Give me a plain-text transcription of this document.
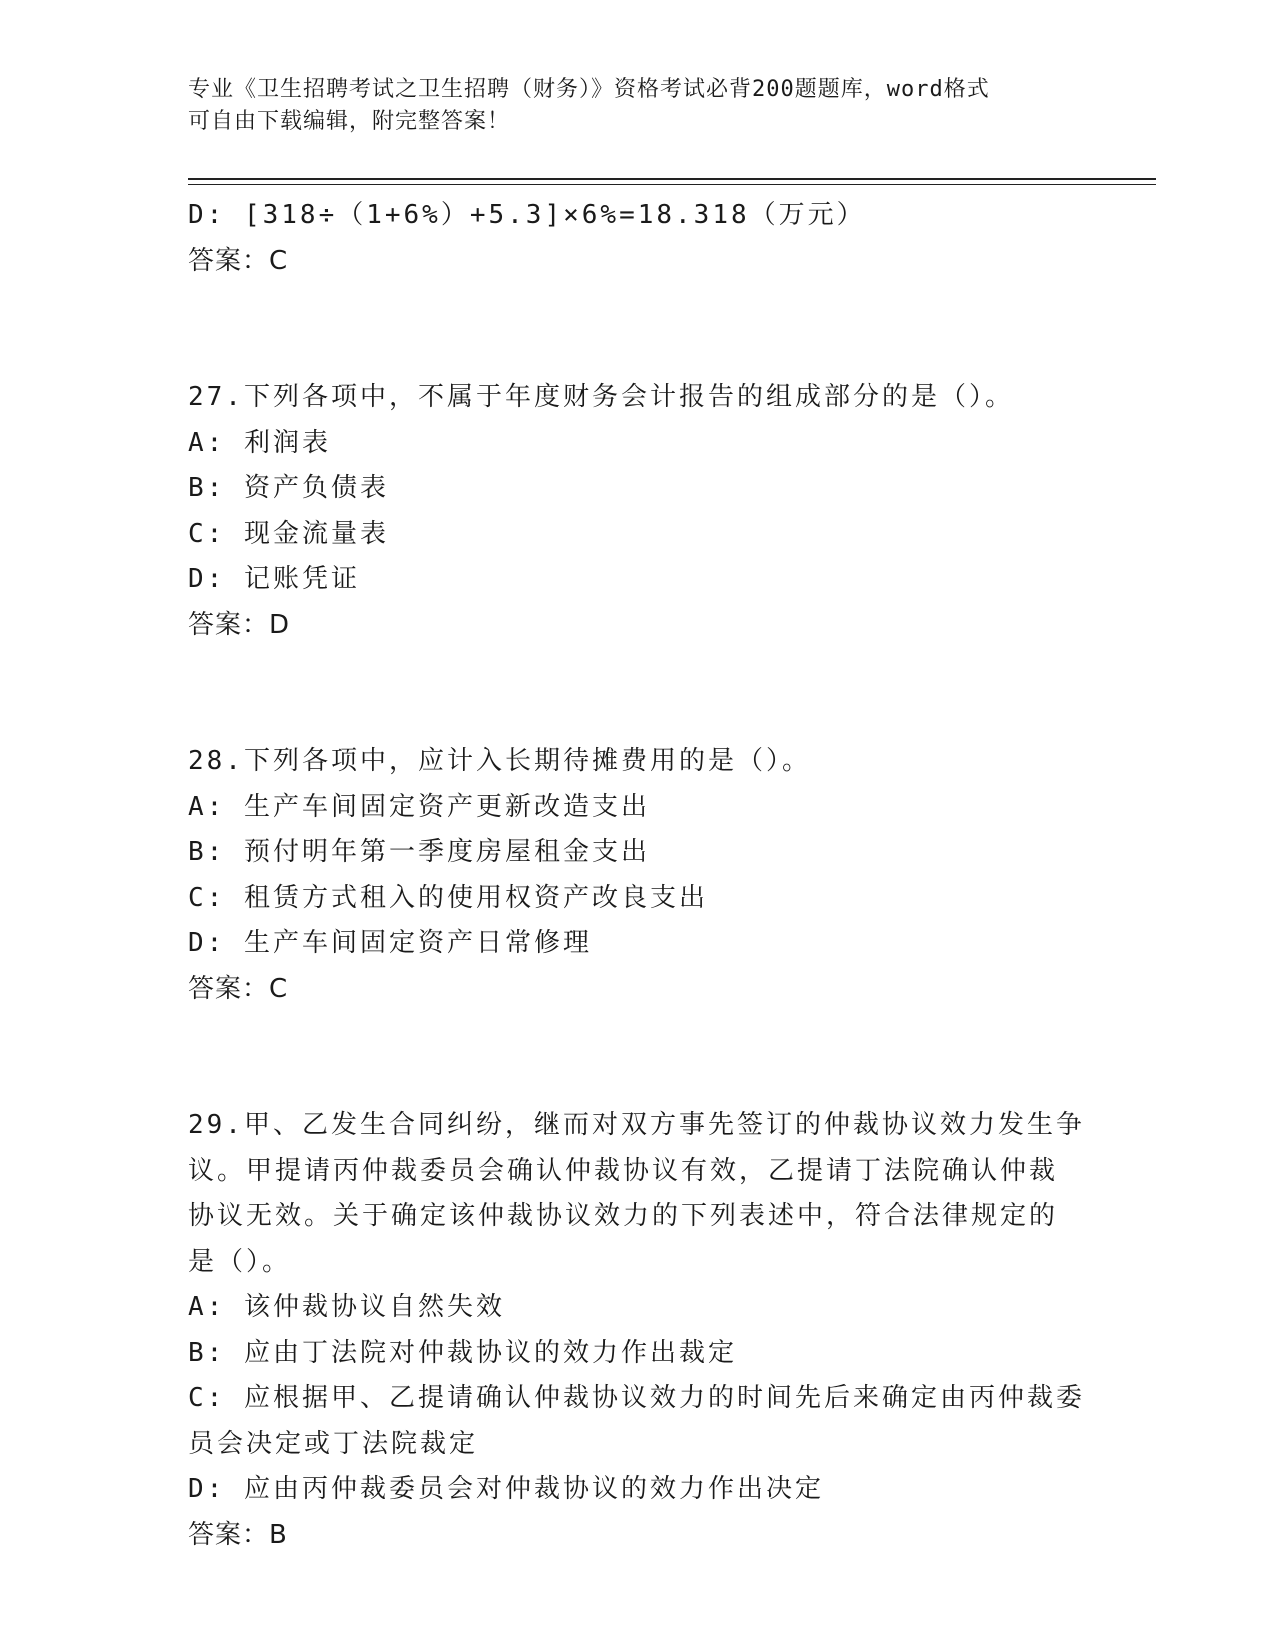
专业《卫生招聘考试之卫生招聘（财务）》资格考试必背200题题库，word格式
可自由下载编辑，附完整答案！
D: [318÷（1+6%）+5.3]×6%=18.318（万元）
答案：C
27.下列各项中，不属于年度财务会计报告的组成部分的是（）。
A: 利润表
B: 资产负债表
C: 现金流量表
D: 记账凭证
答案：D
28.下列各项中，应计入长期待摊费用的是（）。
A: 生产车间固定资产更新改造支出
B: 预付明年第一季度房屋租金支出
C: 租赁方式租入的使用权资产改良支出
D: 生产车间固定资产日常修理
答案：C
29.甲、乙发生合同纠纷，继而对双方事先签订的仲裁协议效力发生争
议。甲提请丙仲裁委员会确认仲裁协议有效，乙提请丁法院确认仲裁
协议无效。关于确定该仲裁协议效力的下列表述中，符合法律规定的
是（）。
A: 该仲裁协议自然失效
B: 应由丁法院对仲裁协议的效力作出裁定
C: 应根据甲、乙提请确认仲裁协议效力的时间先后来确定由丙仲裁委
员会决定或丁法院裁定
D: 应由丙仲裁委员会对仲裁协议的效力作出决定
答案：B
